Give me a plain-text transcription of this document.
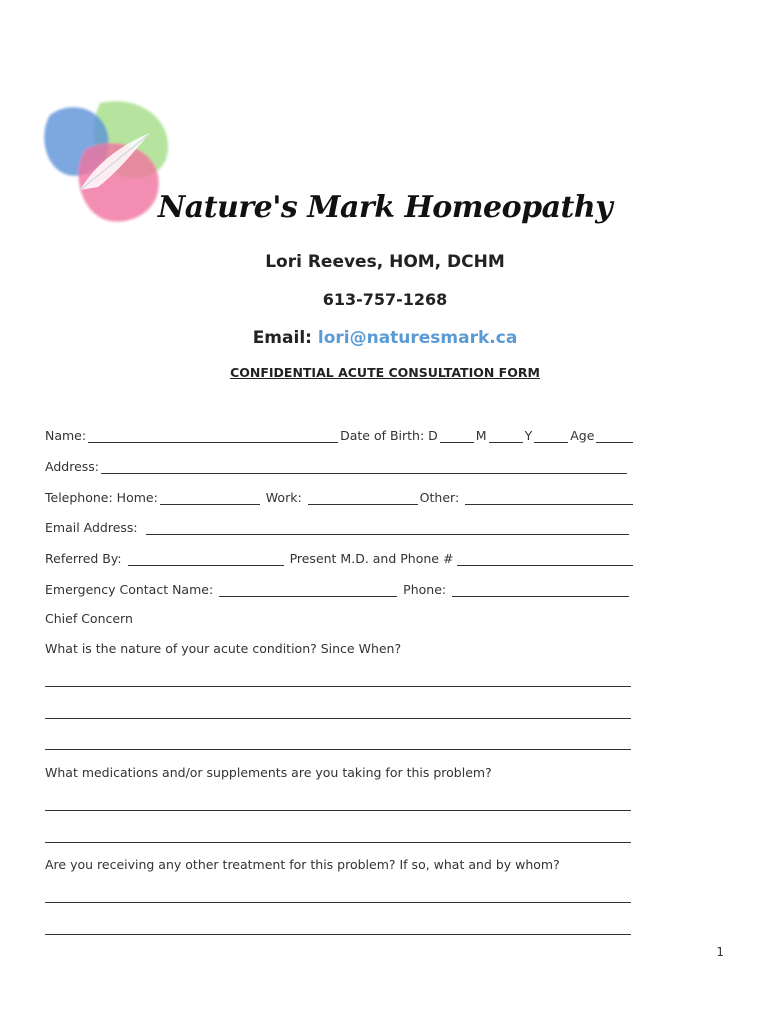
Nature's Mark Homeopathy
Lori Reeves, HOM, DCHM
613-757-1268
Email: lori@naturesmark.ca
CONFIDENTIAL ACUTE CONSULTATION FORM
Name:	Date of Birth: D	M	Y	Age
Address:
Telephone: Home:	Work:	Other:
Email Address:
Referred By:	Present M.D. and Phone #
Emergency Contact Name:	Phone:
Chief Concern
What is the nature of your acute condition? Since When?
What medications and/or supplements are you taking for this problem?
Are you receiving any other treatment for this problem? If so, what and by whom?
1
